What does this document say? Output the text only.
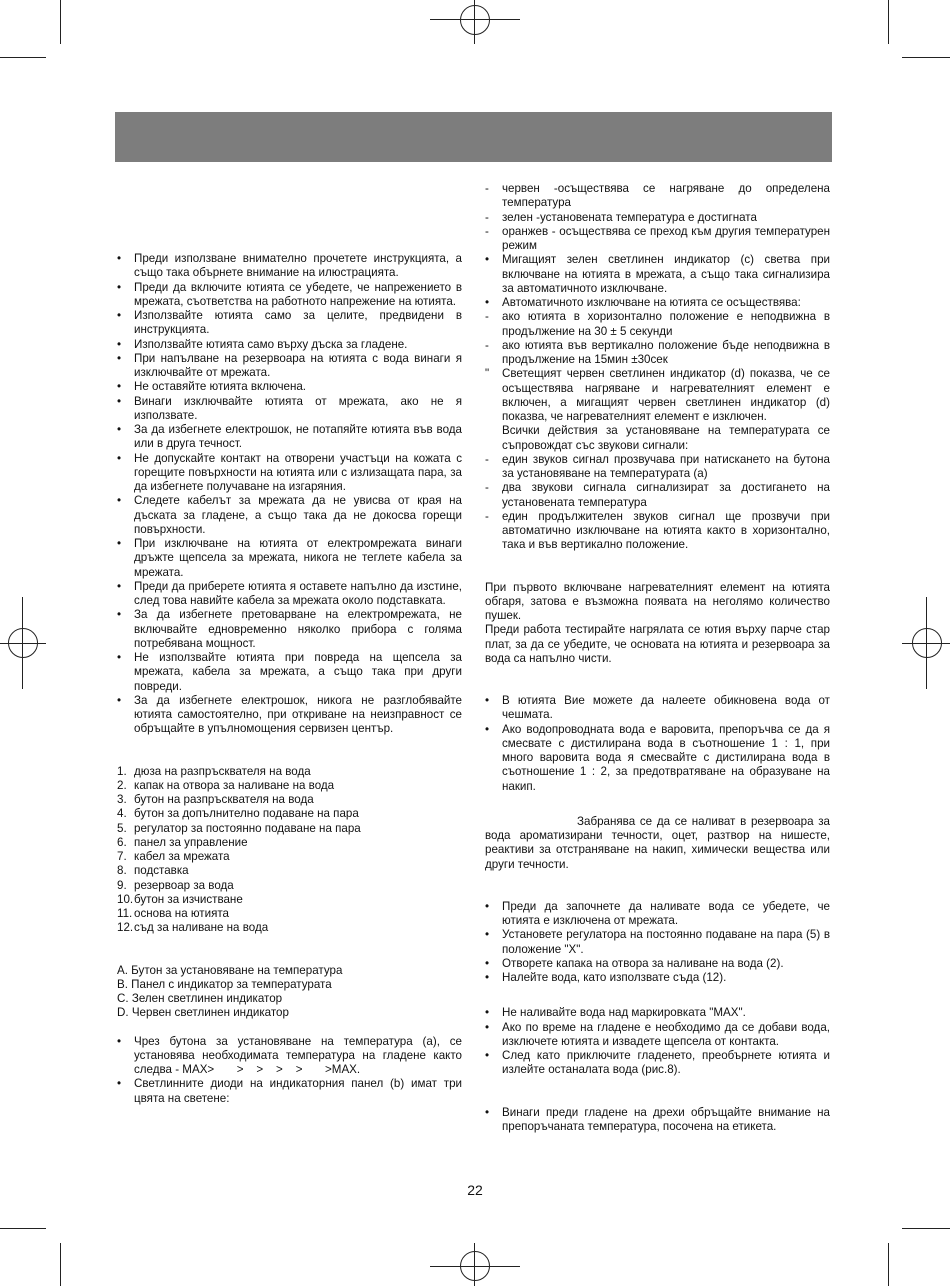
• Преди използване внимателно прочетете инструкцията, а също така обърнете внимание на илюстрацията.
• Преди да включите ютията се убедете, че напрежението в мрежата, съответства на работното напрежение на ютията.
• Използвайте ютията само за целите, предвидени в инструкцията.
• Използвайте ютията само върху дъска за гладене.
• При напълване на резервоара на ютията с вода винаги я изключвайте от мрежата.
• Не оставяйте ютията включена.
• Винаги изключвайте ютията от мрежата, ако не я използвате.
• За да избегнете електрошок, не потапяйте ютията във вода или в друга течност.
• Не допускайте контакт на отворени участъци на кожата с горещите повърхности на ютията или с излизащата пара, за да избегнете получаване на изгаряния.
• Следете кабелът за мрежата да не увисва от края на дъската за гладене, а също така да не докосва горещи повърхности.
• При изключване на ютията от електромрежата винаги дръжте щепсела за мрежата, никога не теглете кабела за мрежата.
• Преди да приберете ютията я оставете напълно да изстине, след това навийте кабела за мрежата около подставката.
• За да избегнете претоварване на електромрежата, не включвайте едновременно няколко прибора с голяма потребявана мощност.
• Не използвайте ютията при повреда на щепсела за мрежата, кабела за мрежата, а също така при други повреди.
• За да избегнете електрошок, никога не разглобявайте ютията самостоятелно, при откриване на неизправност се обръщайте в упълномощения сервизен център.
1. дюза на разпръсквателя на вода
2. капак на отвора за наливане на вода
3. бутон на разпръсквателя на вода
4. бутон за допълнително подаване на пара
5. регулатор за постоянно подаване на пара
6. панел за управление
7. кабел за мрежата
8. подставка
9. резервоар за вода
10. бутон за изчистване
11. основа на ютията
12. съд за наливане на вода
A. Бутон за установяване на температура
B. Панел с индикатор за температурата
C. Зелен светлинен индикатор
D. Червен светлинен индикатор
• Чрез бутона за установяване на температура (а), се установява необходимата температура на гладене както следва - MAX>       >    >    >    >       >MAX.
• Светлинните диоди на индикаторния панел (b) имат три цвята на светене:
- червен -осъществява се нагряване до определена температура
- зелен -установената температура е достигната
- оранжев - осъществява се преход към другия температурен режим
• Мигащият зелен светлинен индикатор (c) светва при включване на ютията в мрежата, а също така сигнализира за автоматичното изключване.
• Автоматичното изключване на ютията се осъществява:
- ако ютията в хоризонтално положение е неподвижна в продължение на 30 ± 5 секунди
- ако ютията във вертикално положение бъде неподвижна в продължение на 15мин ±30сек
" Светещият червен светлинен индикатор (d) показва, че се осъществява нагряване и нагревателният елемент е включен, а мигащият червен светлинен индикатор (d) показва, че нагревателният елемент е изключен.
Всички действия за установяване на температурата се съпровождат със звукови сигнали:
- един звуков сигнал прозвучава при натискането на бутона за установяване на температурата (а)
- два звукови сигнала сигнализират за достигането на установената температура
- един продължителен звуков сигнал ще прозвучи при автоматично изключване на ютията както в хоризонтално, така и във вертикално положение.
При първото включване нагревателният елемент на ютията обгаря, затова е възможна появата на неголямо количество пушек.
Преди работа тестирайте нагрялата се ютия върху парче стар плат, за да се убедите, че основата на ютията и резервоара за вода са напълно чисти.
• В ютията Вие можете да налеете обикновена вода от чешмата.
• Ако водопроводната вода е варовита, препоръчва се да я смесвате с дистилирана вода в съотношение 1 : 1, при много варовита вода я смесвайте с дистилирана вода в съотношение 1 : 2, за предотвратяване на образуване на накип.
Забранява се да се наливат в резервоара за вода ароматизирани течности, оцет, разтвор на нишесте, реактиви за отстраняване на накип, химически вещества или други течности.
• Преди да започнете да наливате вода се убедете, че ютията е изключена от мрежата.
• Установете регулатора на постоянно подаване на пара (5) в положение "X".
• Отворете капака на отвора за наливане на вода (2).
• Налейте вода, като използвате съда (12).
• Не наливайте вода над маркировката "MAX".
• Ако по време на гладене е необходимо да се добави вода, изключете ютията и извадете щепсела от контакта.
• След като приключите гладенето, преобърнете ютията и излейте останалата вода (рис.8).
• Винаги преди гладене на дрехи обръщайте внимание на препоръчаната температура, посочена на етикета.
22
